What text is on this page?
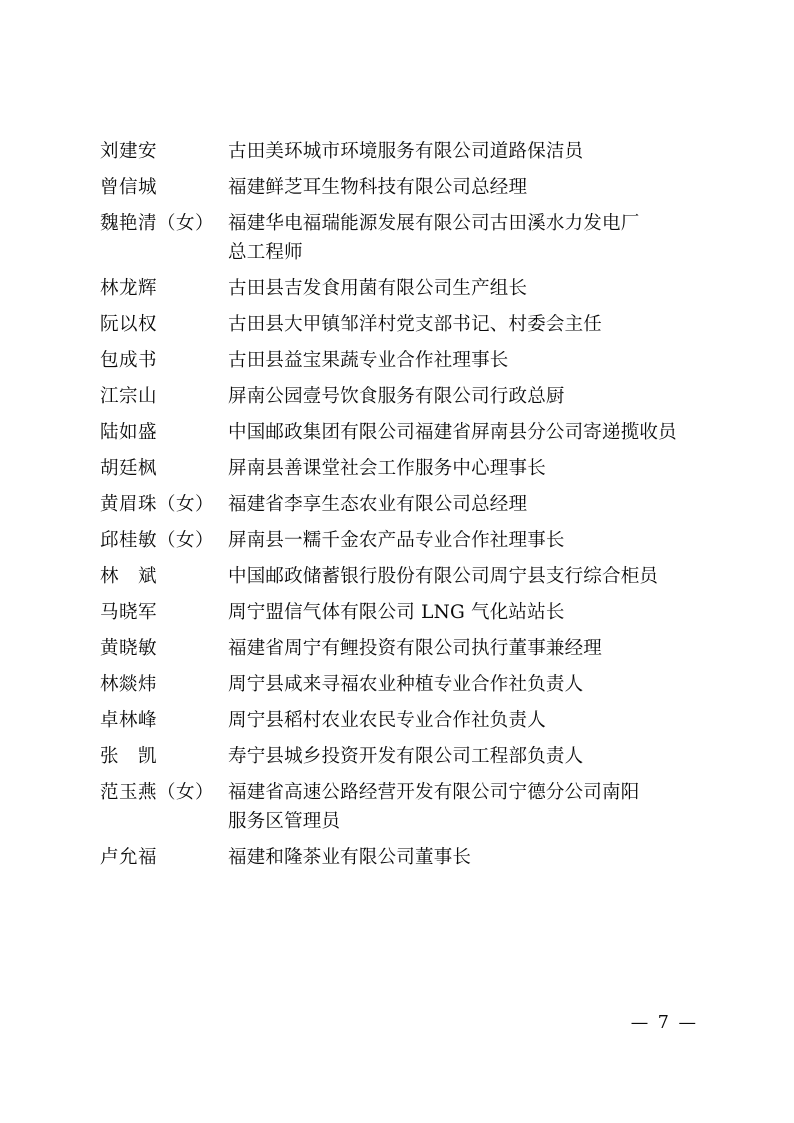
刘建安	古田美环城市环境服务有限公司道路保洁员
曾信城	福建鲜芝耳生物科技有限公司总经理
魏艳清（女） 福建华电福瑞能源发展有限公司古田溪水力发电厂
总工程师
林龙辉	古田县吉发食用菌有限公司生产组长
阮以权	古田县大甲镇邹洋村党支部书记、村委会主任
包成书	古田县益宝果蔬专业合作社理事长
江宗山	屏南公园壹号饮食服务有限公司行政总厨
陆如盛	中国邮政集团有限公司福建省屏南县分公司寄递揽收员
胡廷枫	屏南县善课堂社会工作服务中心理事长
黄眉珠（女） 福建省李享生态农业有限公司总经理
邱桂敏（女） 屏南县一糯千金农产品专业合作社理事长
林　斌	中国邮政储蓄银行股份有限公司周宁县支行综合柜员
马晓军	周宁盟信气体有限公司 LNG 气化站站长
黄晓敏	福建省周宁有鲤投资有限公司执行董事兼经理
林燚炜	周宁县咸来寻福农业种植专业合作社负责人
卓林峰	周宁县稻村农业农民专业合作社负责人
张　凯	寿宁县城乡投资开发有限公司工程部负责人
范玉燕（女） 福建省高速公路经营开发有限公司宁德分公司南阳
服务区管理员
卢允福	福建和隆茶业有限公司董事长
— 7 —
